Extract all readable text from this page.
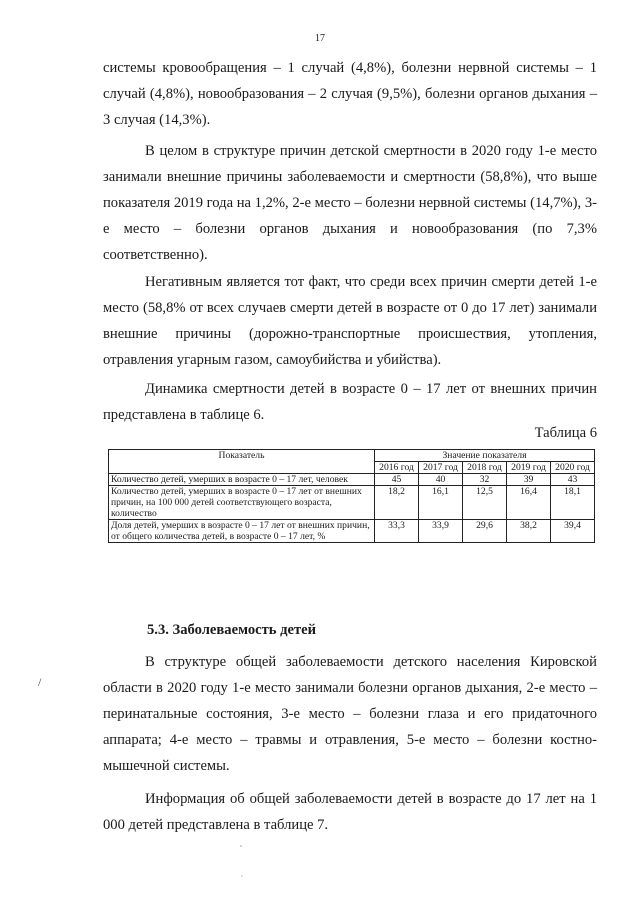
17

системы кровообращения – 1 случай (4,8%), болезни нервной системы – 1 случай (4,8%), новообразования – 2 случая (9,5%), болезни органов дыхания – 3 случая (14,3%).

В целом в структуре причин детской смертности в 2020 году 1-е место занимали внешние причины заболеваемости и смертности (58,8%), что выше показателя 2019 года на 1,2%, 2-е место – болезни нервной системы (14,7%), 3-е место – болезни органов дыхания и новообразования (по 7,3% соответственно).

Негативным является тот факт, что среди всех причин смерти детей 1-е место (58,8% от всех случаев смерти детей в возрасте от 0 до 17 лет) занимали внешние причины (дорожно-транспортные происшествия, утопления, отравления угарным газом, самоубийства и убийства).

Динамика смертности детей в возрасте 0 – 17 лет от внешних причин представлена в таблице 6.

Таблица 6
Показатель	Значение показателя				
	2016 год	2017 год	2018 год	2019 год	2020 год
Количество детей, умерших в возрасте 0 – 17 лет, человек	45	40	32	39	43
Количество детей, умерших в возрасте 0 – 17 лет от внешних причин, на 100 000 детей соответствующего возраста, количество	18,2	16,1	12,5	16,4	18,1
Доля детей, умерших в возрасте 0 – 17 лет от внешних причин, от общего количества детей, в возрасте 0 – 17 лет, %	33,3	33,9	29,6	38,2	39,4
5.3. Заболеваемость детей
/

В структуре общей заболеваемости детского населения Кировской области в 2020 году 1-е место занимали болезни органов дыхания, 2-е место – перинатальные состояния, 3-е место – болезни глаза и его придаточного аппарата; 4-е место – травмы и отравления, 5-е место – болезни костно-мышечной системы.

Информация об общей заболеваемости детей в возрасте до 17 лет на 1 000 детей представлена в таблице 7.
